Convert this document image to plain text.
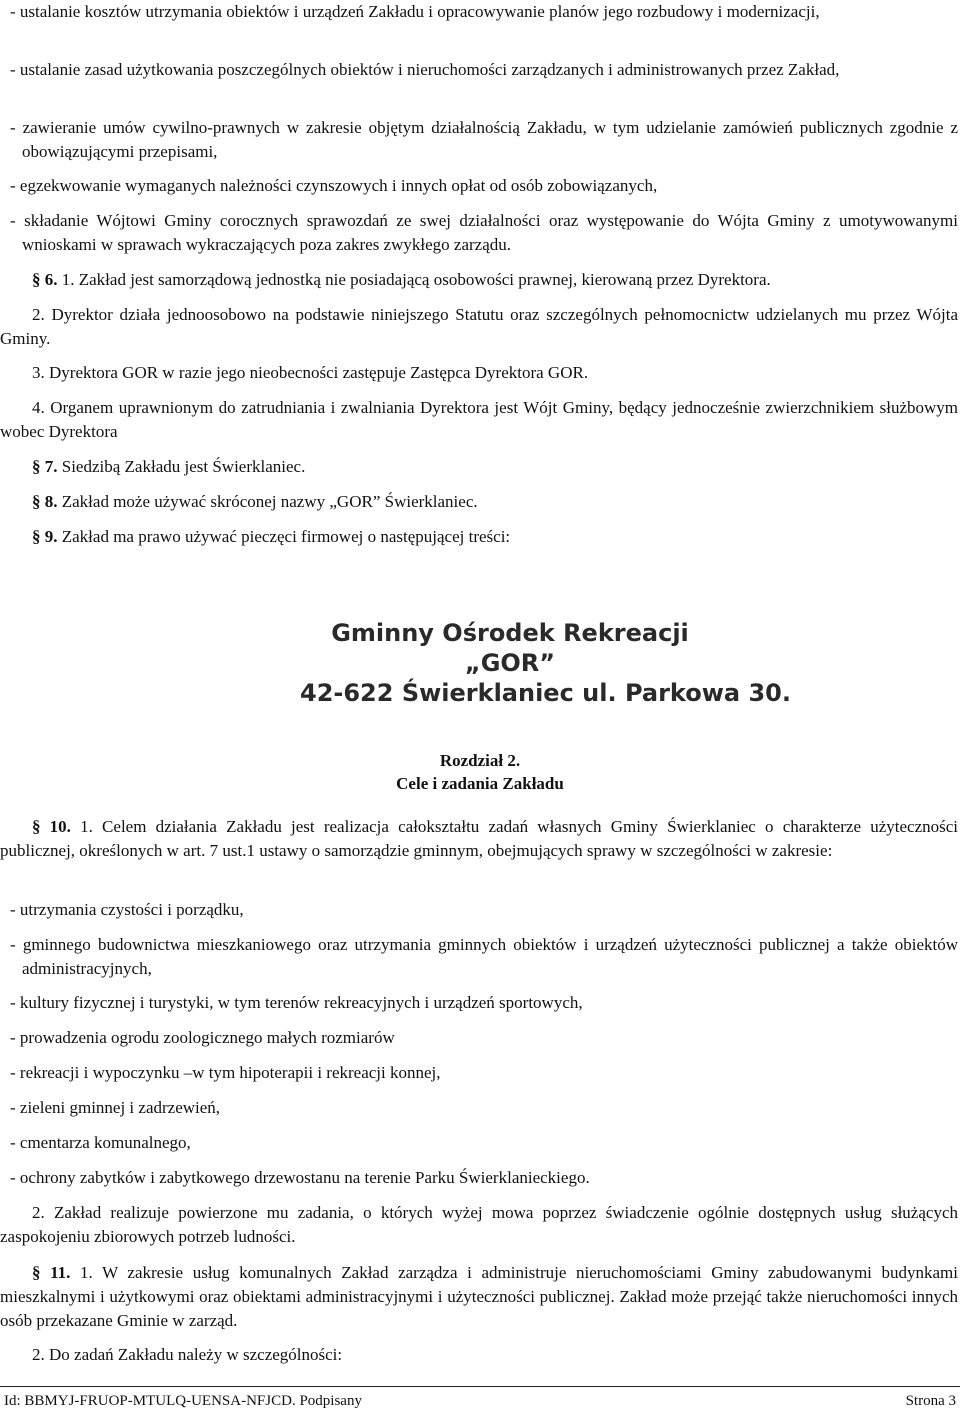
- ustalanie kosztów utrzymania obiektów i urządzeń Zakładu i opracowywanie planów jego rozbudowy i modernizacji,

- ustalanie zasad użytkowania poszczególnych obiektów i nieruchomości zarządzanych i administrowanych przez Zakład,

- zawieranie umów cywilno-prawnych w zakresie objętym działalnością Zakładu, w tym udzielanie zamówień publicznych zgodnie z obowiązującymi przepisami,

- egzekwowanie wymaganych należności czynszowych i innych opłat od osób zobowiązanych,

- składanie Wójtowi Gminy corocznych sprawozdań ze swej działalności oraz występowanie do Wójta Gminy z umotywowanymi wnioskami w sprawach wykraczających poza zakres zwykłego zarządu.

§ 6. 1. Zakład jest samorządową jednostką nie posiadającą osobowości prawnej, kierowaną przez Dyrektora.

2. Dyrektor działa jednoosobowo na podstawie niniejszego Statutu oraz szczególnych pełnomocnictw udzielanych mu przez Wójta Gminy.

3. Dyrektora GOR w razie jego nieobecności zastępuje Zastępca Dyrektora GOR.

4. Organem uprawnionym do zatrudniania i zwalniania Dyrektora jest Wójt Gminy, będący jednocześnie zwierzchnikiem służbowym wobec Dyrektora

§ 7. Siedzibą Zakładu jest Świerklaniec.

§ 8. Zakład może używać skróconej nazwy „GOR” Świerklaniec.

§ 9. Zakład ma prawo używać pieczęci firmowej o następującej treści:

Gminny Ośrodek Rekreacji
„GOR”
42-622 Świerklaniec ul. Parkowa 30.
Rozdział 2.
Cele i zadania Zakładu

§ 10. 1. Celem działania Zakładu jest realizacja całokształtu zadań własnych Gminy Świerklaniec o charakterze użyteczności publicznej, określonych w art. 7 ust.1 ustawy o samorządzie gminnym, obejmujących sprawy w szczególności w zakresie:

- utrzymania czystości i porządku,

- gminnego budownictwa mieszkaniowego oraz utrzymania gminnych obiektów i urządzeń użyteczności publicznej a także obiektów administracyjnych,

- kultury fizycznej i turystyki, w tym terenów rekreacyjnych i urządzeń sportowych,

- prowadzenia ogrodu zoologicznego małych rozmiarów

- rekreacji i wypoczynku –w tym hipoterapii i rekreacji konnej,

- zieleni gminnej i zadrzewień,

- cmentarza komunalnego,

- ochrony zabytków i zabytkowego drzewostanu na terenie Parku Świerklanieckiego.

2. Zakład realizuje powierzone mu zadania, o których wyżej mowa poprzez świadczenie ogólnie dostępnych usług służących zaspokojeniu zbiorowych potrzeb ludności.

§ 11. 1. W zakresie usług komunalnych Zakład zarządza i administruje nieruchomościami Gminy zabudowanymi budynkami mieszkalnymi i użytkowymi oraz obiektami administracyjnymi i użyteczności publicznej. Zakład może przejąć także nieruchomości innych osób przekazane Gminie w zarząd.

2. Do zadań Zakładu należy w szczególności:

Id: BBMYJ-FRUOP-MTULQ-UENSA-NFJCD. Podpisany	Strona 3
